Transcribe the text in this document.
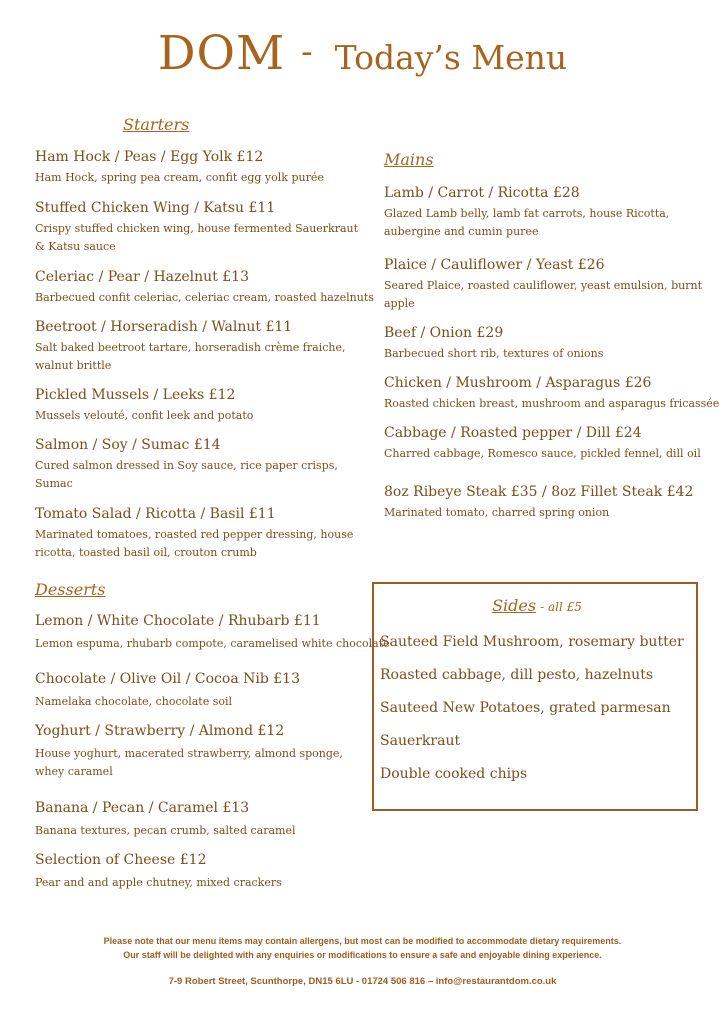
DOM - Today’s Menu
Starters
Ham Hock / Peas / Egg Yolk £12
Ham Hock, spring pea cream, confit egg yolk purée
Stuffed Chicken Wing / Katsu £11
Crispy stuffed chicken wing, house fermented Sauerkraut
& Katsu sauce
Celeriac / Pear / Hazelnut £13
Barbecued confit celeriac, celeriac cream, roasted hazelnuts
Beetroot / Horseradish / Walnut £11
Salt baked beetroot tartare, horseradish crème fraiche,
walnut brittle
Pickled Mussels / Leeks £12
Mussels velouté, confit leek and potato
Salmon / Soy / Sumac £14
Cured salmon dressed in Soy sauce, rice paper crisps,
Sumac
Tomato Salad / Ricotta / Basil £11
Marinated tomatoes, roasted red pepper dressing, house
ricotta, toasted basil oil, crouton crumb
Mains
Lamb / Carrot / Ricotta £28
Glazed Lamb belly, lamb fat carrots, house Ricotta,
aubergine and cumin puree
Plaice / Cauliflower / Yeast £26
Seared Plaice, roasted cauliflower, yeast emulsion, burnt
apple
Beef / Onion £29
Barbecued short rib, textures of onions
Chicken / Mushroom / Asparagus £26
Roasted chicken breast, mushroom and asparagus fricassée
Cabbage / Roasted pepper / Dill £24
Charred cabbage, Romesco sauce, pickled fennel, dill oil
8oz Ribeye Steak £35 / 8oz Fillet Steak £42
Marinated tomato, charred spring onion
Desserts
Lemon / White Chocolate / Rhubarb £11
Lemon espuma, rhubarb compote, caramelised white chocolate
Chocolate / Olive Oil / Cocoa Nib £13
Namelaka chocolate, chocolate soil
Yoghurt / Strawberry / Almond £12
House yoghurt, macerated strawberry, almond sponge,
whey caramel
Banana / Pecan / Caramel £13
Banana textures, pecan crumb, salted caramel
Selection of Cheese £12
Pear and and apple chutney, mixed crackers
Sides - all £5
Sauteed Field Mushroom, rosemary butter
Roasted cabbage, dill pesto, hazelnuts
Sauteed New Potatoes, grated parmesan
Sauerkraut
Double cooked chips
Please note that our menu items may contain allergens, but most can be modified to accommodate dietary requirements.
Our staff will be delighted with any enquiries or modifications to ensure a safe and enjoyable dining experience.
7-9 Robert Street, Scunthorpe, DN15 6LU - 01724 506 816 – info@restaurantdom.co.uk
